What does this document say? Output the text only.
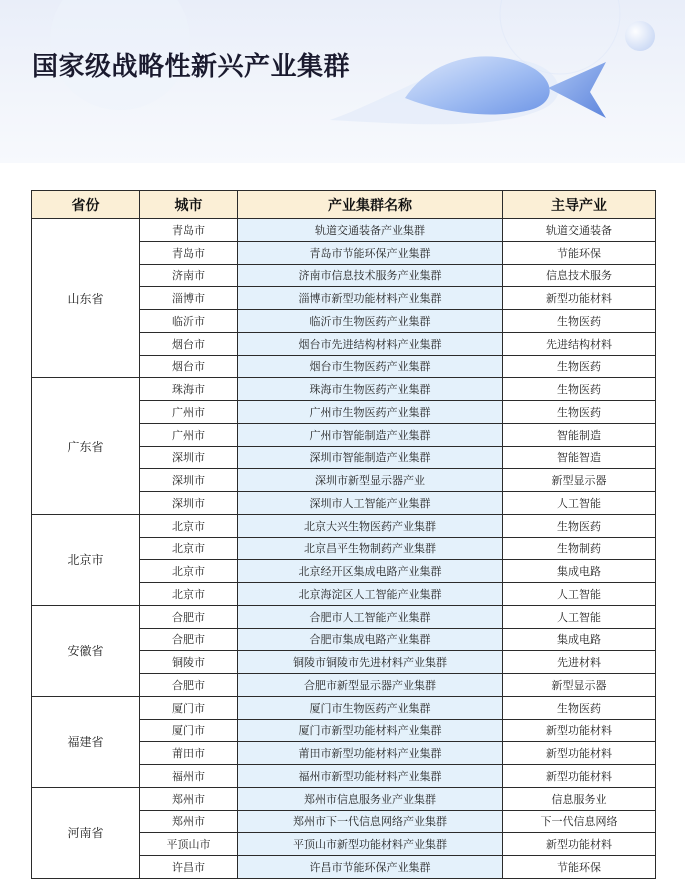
国家级战略性新兴产业集群
省份	城市	产业集群名称	主导产业
山东省	青岛市	轨道交通装备产业集群	轨道交通装备
	青岛市	青岛市节能环保产业集群	节能环保
	济南市	济南市信息技术服务产业集群	信息技术服务
	淄博市	淄博市新型功能材料产业集群	新型功能材料
	临沂市	临沂市生物医药产业集群	生物医药
	烟台市	烟台市先进结构材料产业集群	先进结构材料
	烟台市	烟台市生物医药产业集群	生物医药
广东省	珠海市	珠海市生物医药产业集群	生物医药
	广州市	广州市生物医药产业集群	生物医药
	广州市	广州市智能制造产业集群	智能制造
	深圳市	深圳市智能制造产业集群	智能智造
	深圳市	深圳市新型显示器产业	新型显示器
	深圳市	深圳市人工智能产业集群	人工智能
北京市	北京市	北京大兴生物医药产业集群	生物医药
	北京市	北京昌平生物制药产业集群	生物制药
	北京市	北京经开区集成电路产业集群	集成电路
	北京市	北京海淀区人工智能产业集群	人工智能
安徽省	合肥市	合肥市人工智能产业集群	人工智能
	合肥市	合肥市集成电路产业集群	集成电路
	铜陵市	铜陵市铜陵市先进材料产业集群	先进材料
	合肥市	合肥市新型显示器产业集群	新型显示器
福建省	厦门市	厦门市生物医药产业集群	生物医药
	厦门市	厦门市新型功能材料产业集群	新型功能材料
	莆田市	莆田市新型功能材料产业集群	新型功能材料
	福州市	福州市新型功能材料产业集群	新型功能材料
河南省	郑州市	郑州市信息服务业产业集群	信息服务业
	郑州市	郑州市下一代信息网络产业集群	下一代信息网络
	平顶山市	平顶山市新型功能材料产业集群	新型功能材料
	许昌市	许昌市节能环保产业集群	节能环保
